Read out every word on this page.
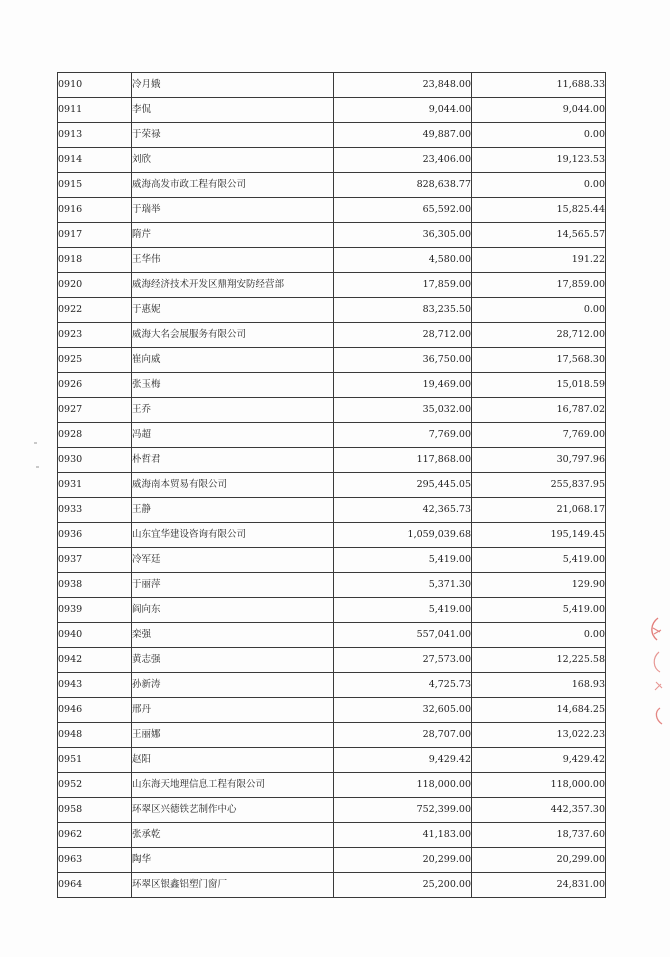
0910	冷月娥	23,848.00	11,688.33
0911	李侃	9,044.00	9,044.00
0913	于荣禄	49,887.00	0.00
0914	刘欣	23,406.00	19,123.53
0915	威海高发市政工程有限公司	828,638.77	0.00
0916	于瑞举	65,592.00	15,825.44
0917	隋芹	36,305.00	14,565.57
0918	王华伟	4,580.00	191.22
0920	威海经济技术开发区鼎翔安防经营部	17,859.00	17,859.00
0922	于惠妮	83,235.50	0.00
0923	威海大名会展服务有限公司	28,712.00	28,712.00
0925	崔向威	36,750.00	17,568.30
0926	张玉梅	19,469.00	15,018.59
0927	王乔	35,032.00	16,787.02
0928	冯超	7,769.00	7,769.00
0930	朴哲君	117,868.00	30,797.96
0931	威海南本贸易有限公司	295,445.05	255,837.95
0933	王静	42,365.73	21,068.17
0936	山东宜华建设咨询有限公司	1,059,039.68	195,149.45
0937	冷军廷	5,419.00	5,419.00
0938	于丽萍	5,371.30	129.90
0939	阎向东	5,419.00	5,419.00
0940	栾强	557,041.00	0.00
0942	黄志强	27,573.00	12,225.58
0943	孙新涛	4,725.73	168.93
0946	邢丹	32,605.00	14,684.25
0948	王丽娜	28,707.00	13,022.23
0951	赵阳	9,429.42	9,429.42
0952	山东海天地理信息工程有限公司	118,000.00	118,000.00
0958	环翠区兴德铁艺制作中心	752,399.00	442,357.30
0962	张承乾	41,183.00	18,737.60
0963	陶华	20,299.00	20,299.00
0964	环翠区银鑫铝塑门窗厂	25,200.00	24,831.00
